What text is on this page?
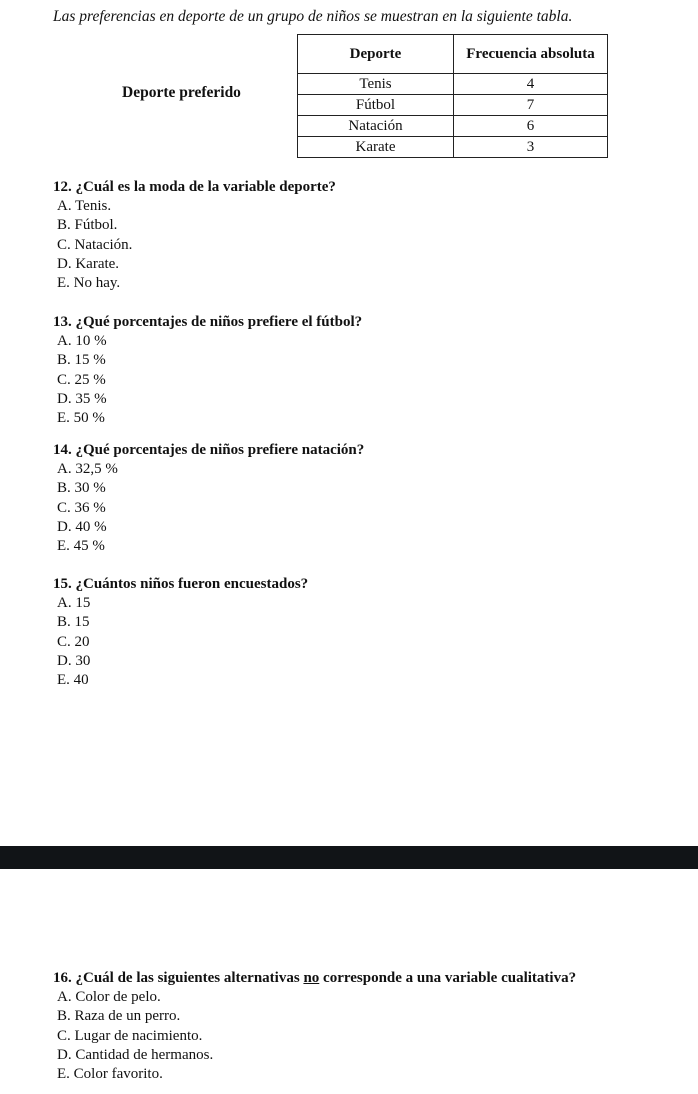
Las preferencias en deporte de un grupo de niños se muestran en la siguiente tabla.
Deporte preferido
Deporte	Frecuencia absoluta
Tenis	4
Fútbol	7
Natación	6
Karate	3
12. ¿Cuál es la moda de la variable deporte?
A. Tenis.
B. Fútbol.
C. Natación.
D. Karate.
E. No hay.
13. ¿Qué porcentajes de niños prefiere el fútbol?
A. 10 %
B. 15 %
C. 25 %
D. 35 %
E. 50 %
14. ¿Qué porcentajes de niños prefiere natación?
A. 32,5 %
B. 30 %
C. 36 %
D. 40 %
E. 45 %
15. ¿Cuántos niños fueron encuestados?
A. 15
B. 15
C. 20
D. 30
E. 40
16. ¿Cuál de las siguientes alternativas no corresponde a una variable cualitativa?
A. Color de pelo.
B. Raza de un perro.
C. Lugar de nacimiento.
D. Cantidad de hermanos.
E. Color favorito.
